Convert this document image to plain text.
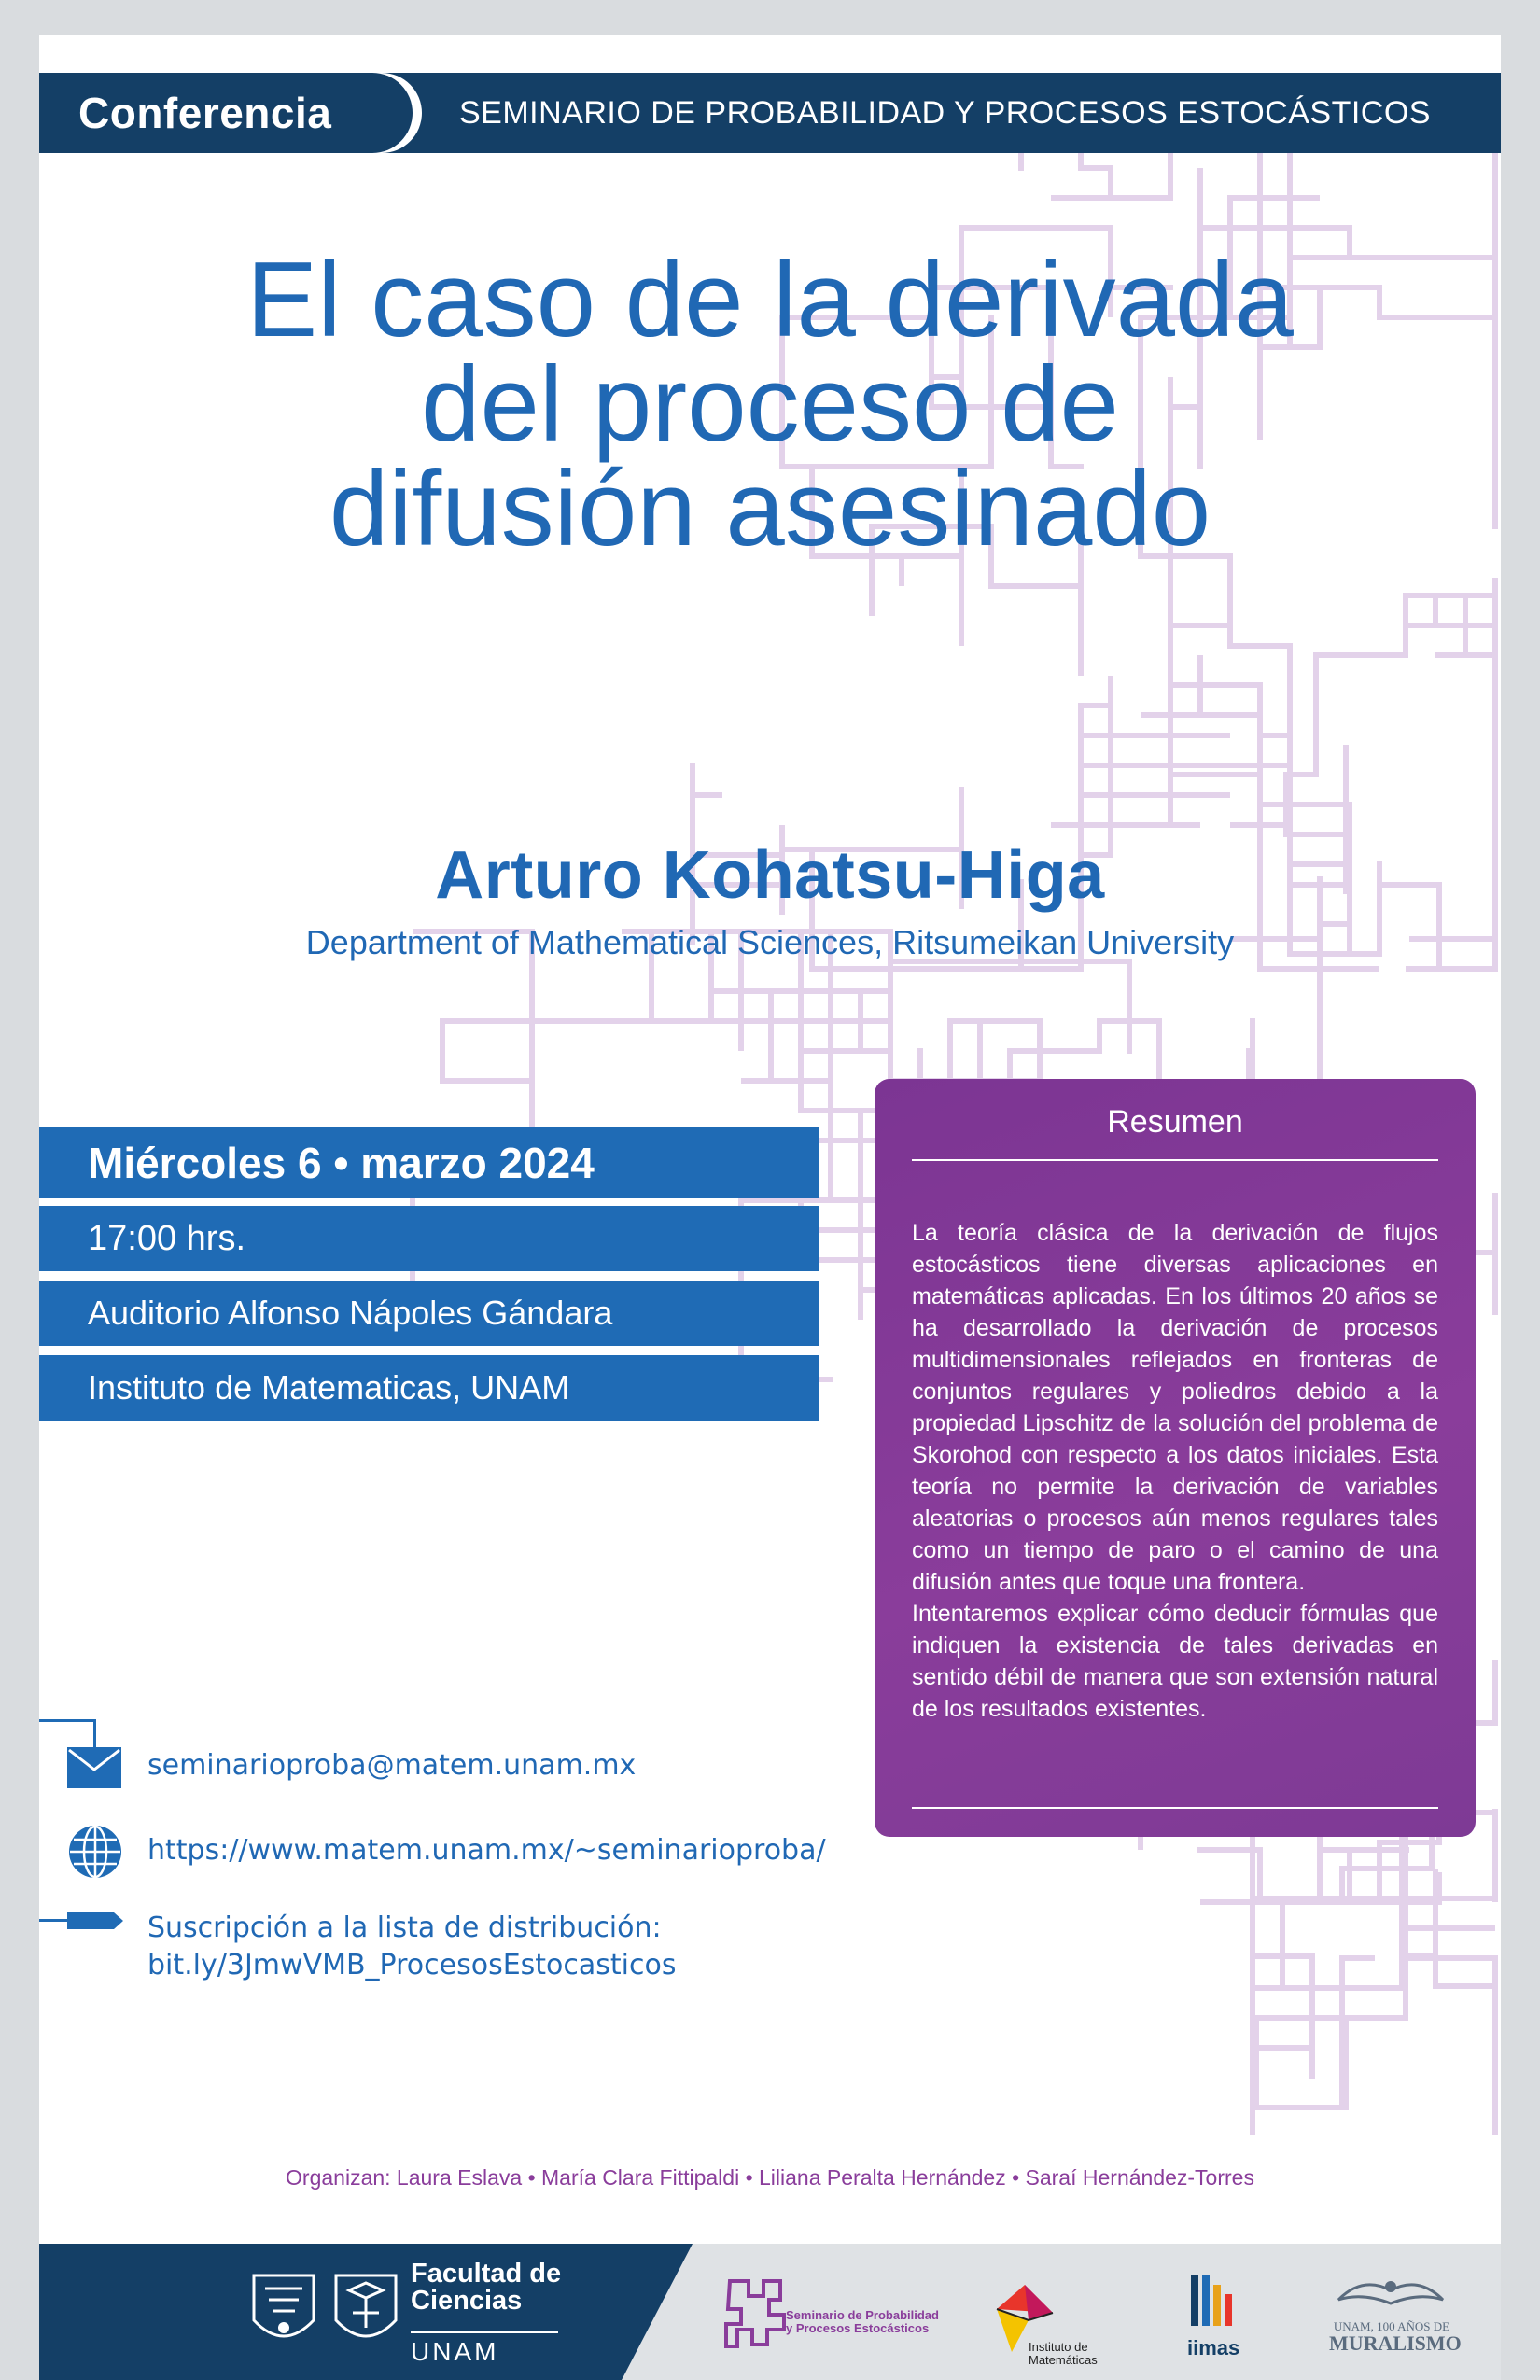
Conferencia	SEMINARIO DE PROBABILIDAD Y PROCESOS ESTOCÁSTICOS
El caso de la derivada
del proceso de
difusión asesinado
Arturo Kohatsu-Higa
Department of Mathematical Sciences, Ritsumeikan University
Miércoles 6 • marzo 2024
17:00 hrs.
Auditorio Alfonso Nápoles Gándara
Instituto de Matematicas, UNAM
Resumen

La teoría clásica de la derivación de flujos estocásticos tiene diversas aplicaciones en matemáticas aplicadas. En los últimos 20 años se ha desarrollado la derivación de procesos multidimensionales reflejados en fronteras de conjuntos regulares y poliedros debido a la propiedad Lipschitz de la solución del problema de Skorohod con respecto a los datos iniciales. Esta teoría no permite la derivación de variables aleatorias o procesos aún menos regulares tales como un tiempo de paro o el camino de una difusión antes que toque una frontera.

Intentaremos explicar cómo deducir fórmulas que indiquen la existencia de tales derivadas en sentido débil de manera que son extensión natural de los resultados existentes.

seminarioproba@matem.unam.mx
https://www.matem.unam.mx/~seminarioproba/
Suscripción a la lista de distribución:
bit.ly/3JmwVMB_ProcesosEstocasticos
Organizan: Laura Eslava • María Clara Fittipaldi • Liliana Peralta Hernández • Saraí Hernández-Torres
Facultad de
Ciencias
UNAM
Seminario de Probabilidad
y Procesos Estocásticos
Instituto de
Matemáticas
iimas
UNAM, 100 AÑOS DE
MURALISMO
